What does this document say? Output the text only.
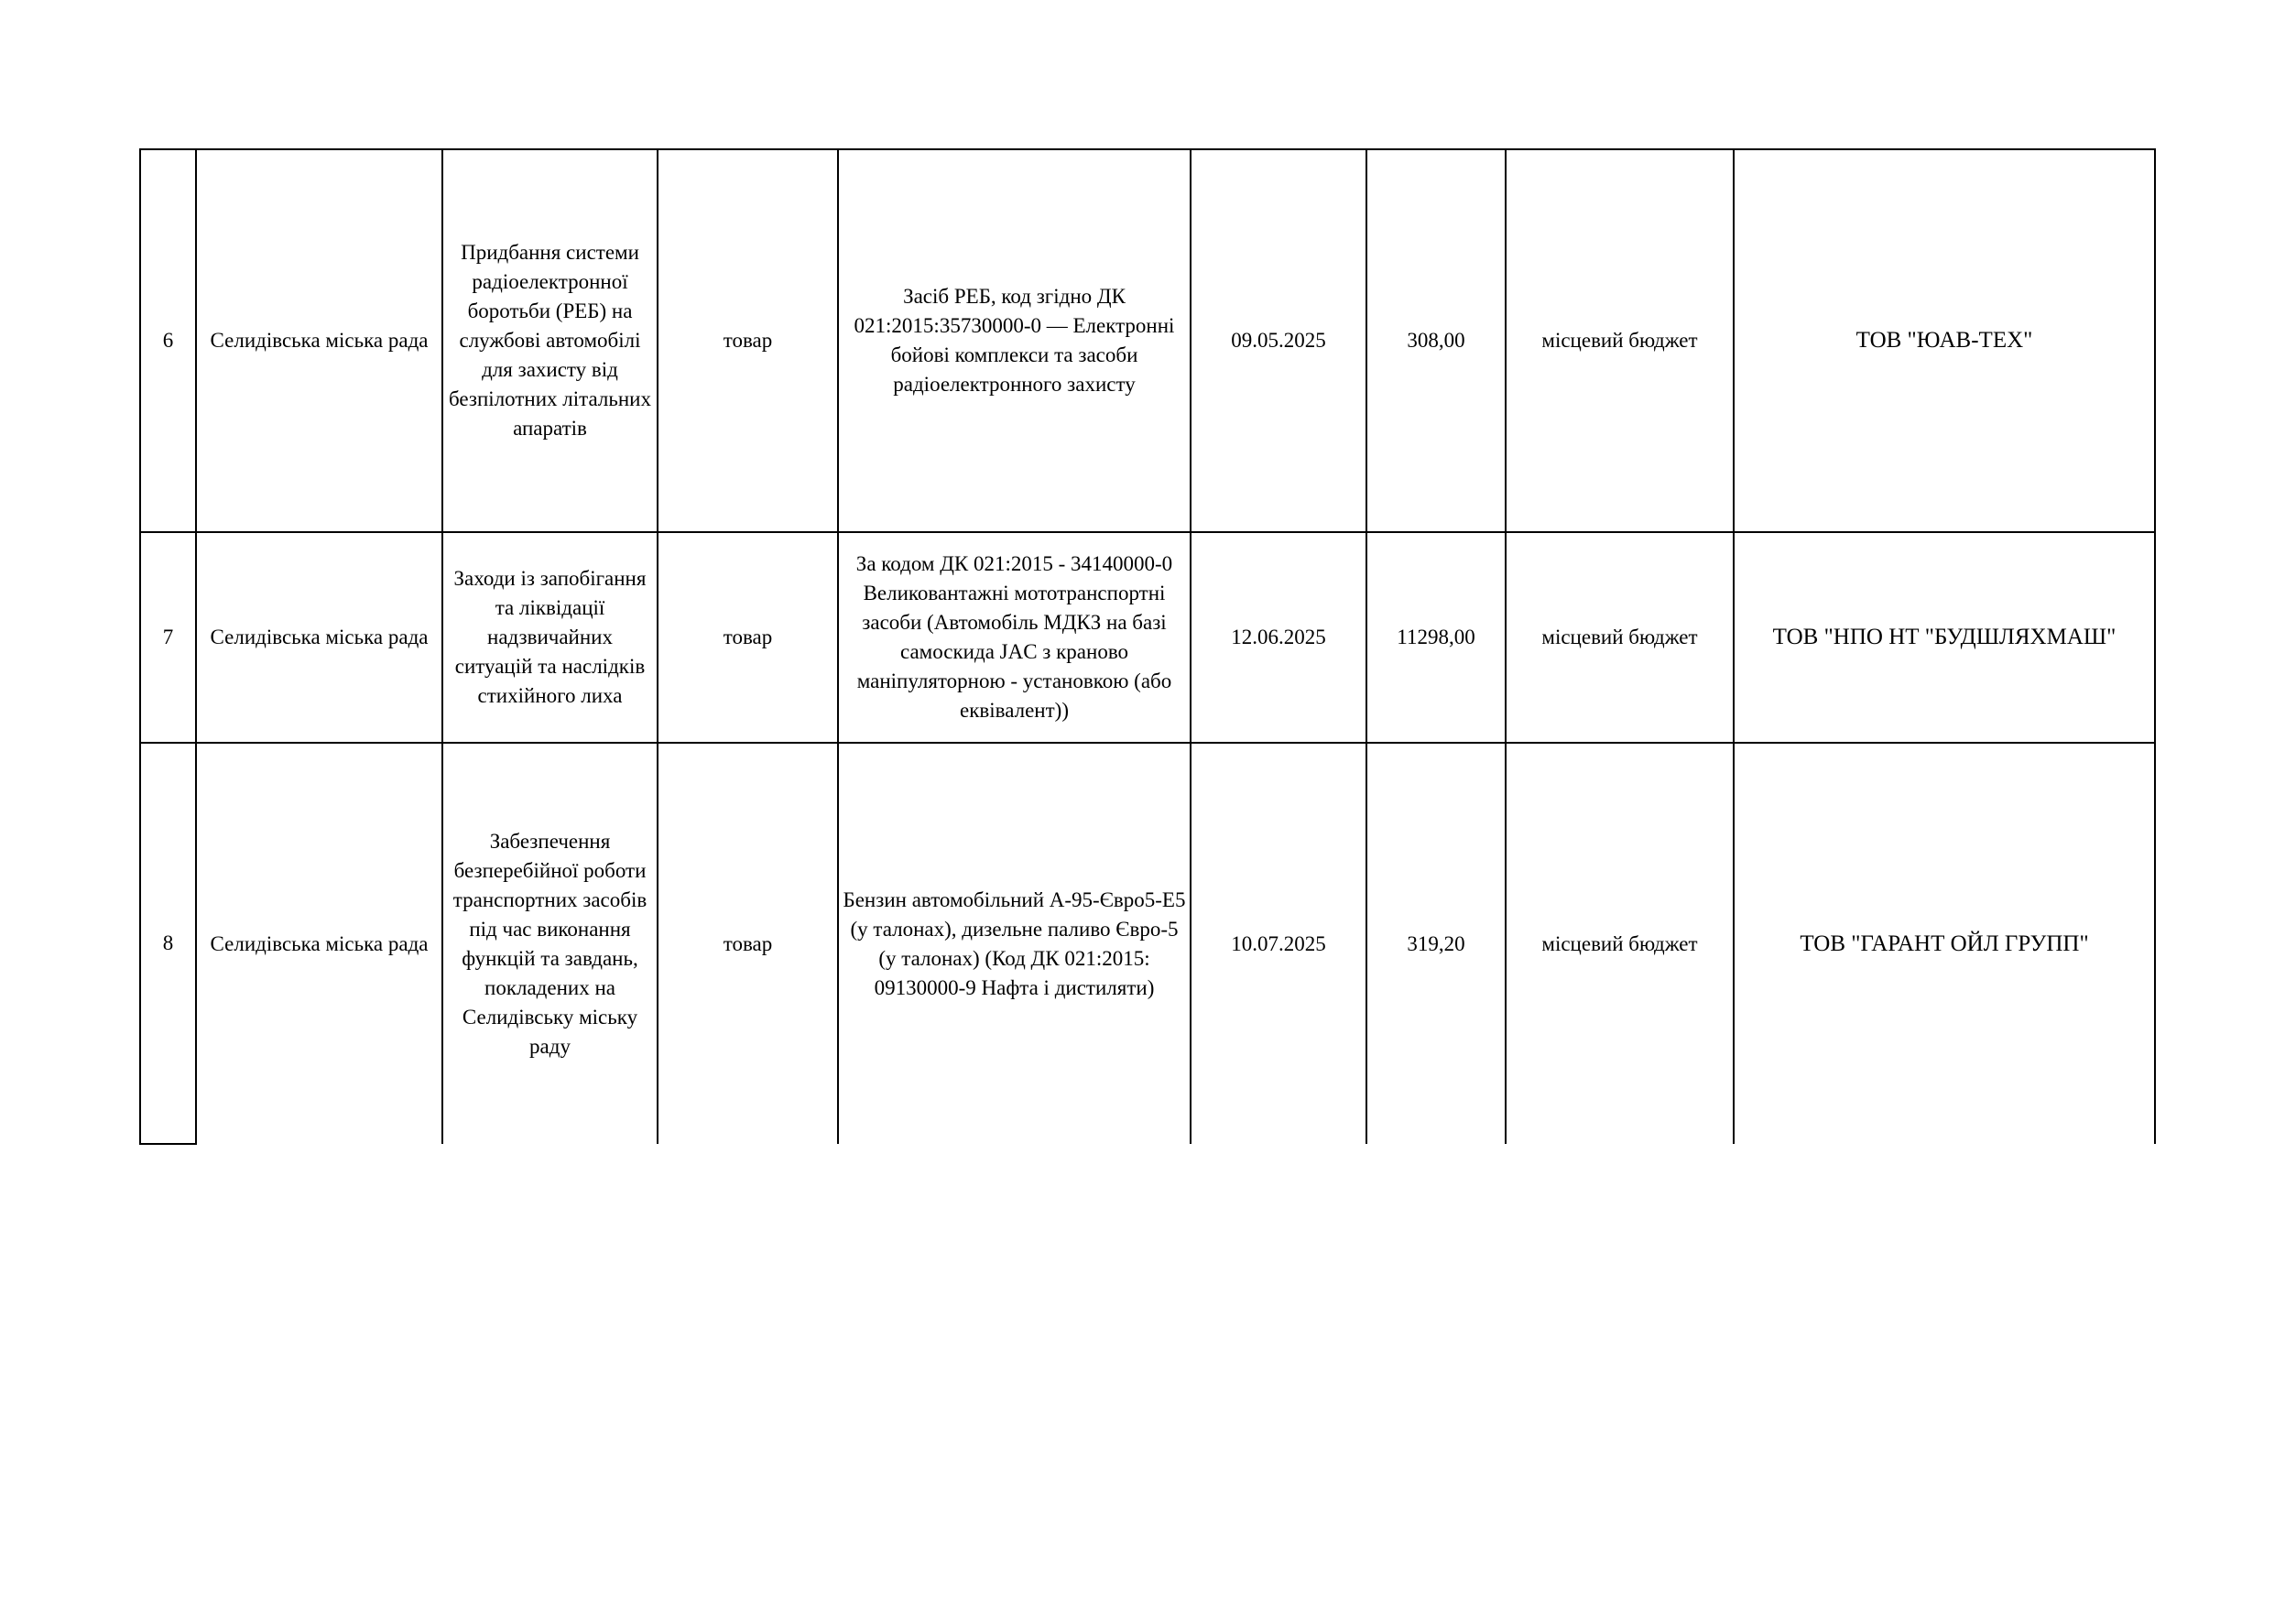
6	Селидівська міська рада	Придбання системи радіоелектронної боротьби (РЕБ) на службові автомобілі для захисту від безпілотних літальних апаратів	товар	Засіб РЕБ, код згідно ДК 021:2015:35730000-0 — Електронні бойові комплекси та засоби радіоелектронного захисту	09.05.2025	308,00	місцевий бюджет	ТОВ "ЮАВ-ТЕХ"
7	Селидівська міська рада	Заходи із запобігання та ліквідації надзвичайних ситуацій та наслідків стихійного лиха	товар	За кодом ДК 021:2015 - 34140000-0 Великовантажні мототранспортні засоби (Автомобіль МДКЗ на базі самоскида JAC з краново маніпуляторною - установкою (або еквівалент))	12.06.2025	11298,00	місцевий бюджет	ТОВ "НПО НТ "БУДШЛЯХМАШ"
8	Селидівська міська рада	Забезпечення безперебійної роботи транспортних засобів під час виконання функцій та завдань, покладених на Селидівську міську раду	товар	Бензин автомобільний А-95-Євро5-Е5 (у талонах), дизельне паливо Євро-5 (у талонах) (Код ДК 021:2015: 09130000-9 Нафта і дистиляти)	10.07.2025	319,20	місцевий бюджет	ТОВ "ГАРАНТ ОЙЛ ГРУПП"
